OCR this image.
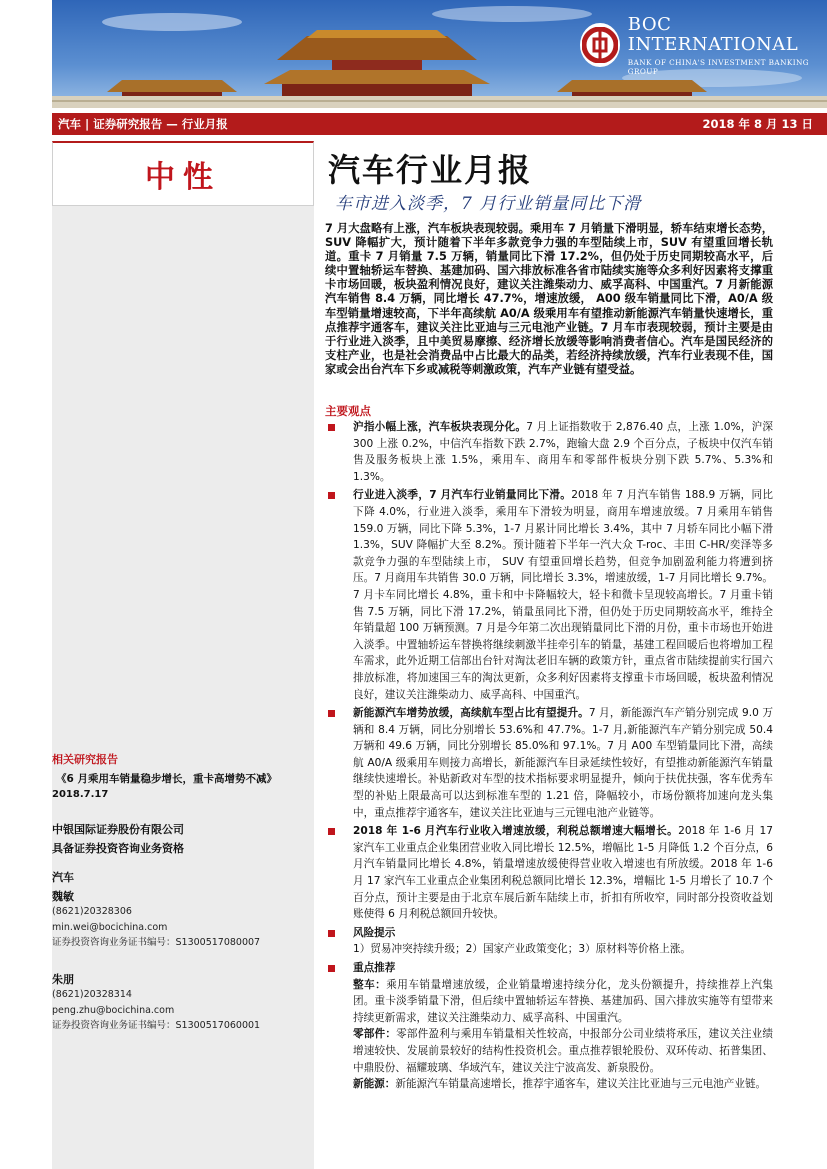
BOC INTERNATIONAL
BANK OF CHINA'S INVESTMENT BANKING GROUP
汽车 | 证券研究报告 — 行业月报	2018 年 8 月 13 日
中性
相关研究报告
《6 月乘用车销量稳步增长，重卡高增势不减》
2018.7.17
中银国际证券股份有限公司
具备证券投资咨询业务资格
汽车
魏敏
(8621)20328306
min.wei@bocichina.com
证券投资咨询业务证书编号：S1300517080007
朱朋
(8621)20328314
peng.zhu@bocichina.com
证券投资咨询业务证书编号：S1300517060001
汽车行业月报
车市进入淡季，7 月行业销量同比下滑
7 月大盘略有上涨，汽车板块表现较弱。乘用车 7 月销量下滑明显，轿车结束增长态势，SUV 降幅扩大，预计随着下半年多款竞争力强的车型陆续上市，SUV 有望重回增长轨道。重卡 7 月销量 7.5 万辆，销量同比下滑 17.2%，但仍处于历史同期较高水平，后续中置轴轿运车替换、基建加码、国六排放标准各省市陆续实施等众多利好因素将支撑重卡市场回暖，板块盈利情况良好，建议关注潍柴动力、威孚高科、中国重汽。7 月新能源汽车销售 8.4 万辆，同比增长 47.7%，增速放缓， A00 级车销量同比下滑，A0/A 级车型销量增速较高，下半年高续航 A0/A 级乘用车有望推动新能源汽车销量快速增长，重点推荐宇通客车，建议关注比亚迪与三元电池产业链。7 月车市表现较弱，预计主要是由于行业进入淡季，且中美贸易摩擦、经济增长放缓等影响消费者信心。汽车是国民经济的支柱产业，也是社会消费品中占比最大的品类，若经济持续放缓，汽车行业表现不佳，国家或会出台汽车下乡或减税等刺激政策，汽车产业链有望受益。
主要观点
沪指小幅上涨，汽车板块表现分化。7 月上证指数收于 2,876.40 点，上涨 1.0%，沪深 300 上涨 0.2%，中信汽车指数下跌 2.7%，跑输大盘 2.9 个百分点，子板块中仅汽车销售及服务板块上涨 1.5%，乘用车、商用车和零部件板块分别下跌 5.7%、5.3%和 1.3%。
行业进入淡季，7 月汽车行业销量同比下滑。2018 年 7 月汽车销售 188.9 万辆，同比下降 4.0%，行业进入淡季，乘用车下滑较为明显，商用车增速放缓。7 月乘用车销售 159.0 万辆，同比下降 5.3%，1-7 月累计同比增长 3.4%，其中 7 月轿车同比小幅下滑 1.3%，SUV 降幅扩大至 8.2%。预计随着下半年一汽大众 T-roc、丰田 C-HR/奕泽等多款竞争力强的车型陆续上市， SUV 有望重回增长趋势，但竞争加剧盈利能力将遭到挤压。7 月商用车共销售 30.0 万辆，同比增长 3.3%，增速放缓，1-7 月同比增长 9.7%。7 月卡车同比增长 4.8%，重卡和中卡降幅较大，轻卡和微卡呈现较高增长。7 月重卡销售 7.5 万辆，同比下滑 17.2%，销量虽同比下滑，但仍处于历史同期较高水平，维持全年销量超 100 万辆预测。7 月是今年第二次出现销量同比下滑的月份，重卡市场也开始进入淡季。中置轴轿运车替换将继续刺激半挂牵引车的销量，基建工程回暖后也将增加工程车需求，此外近期工信部出台针对淘汰老旧车辆的政策方针，重点省市陆续提前实行国六排放标准，将加速国三车的淘汰更新，众多利好因素将支撑重卡市场回暖，板块盈利情况良好，建议关注潍柴动力、威孚高科、中国重汽。
新能源汽车增势放缓，高续航车型占比有望提升。7 月，新能源汽车产销分别完成 9.0 万辆和 8.4 万辆，同比分别增长 53.6%和 47.7%。1-7 月,新能源汽车产销分别完成 50.4 万辆和 49.6 万辆，同比分别增长 85.0%和 97.1%。7 月 A00 车型销量同比下滑，高续航 A0/A 级乘用车则接力高增长，新能源汽车目录延续性较好，有望推动新能源汽车销量继续快速增长。补贴新政对车型的技术指标要求明显提升，倾向于扶优扶强，客车优秀车型的补贴上限最高可以达到标准车型的 1.21 倍，降幅较小，市场份额将加速向龙头集中，重点推荐宇通客车，建议关注比亚迪与三元锂电池产业链等。
2018 年 1-6 月汽车行业收入增速放缓，利税总额增速大幅增长。2018 年 1-6 月 17 家汽车工业重点企业集团营业收入同比增长 12.5%，增幅比 1-5 月降低 1.2 个百分点，6 月汽车销量同比增长 4.8%，销量增速放缓使得营业收入增速也有所放缓。2018 年 1-6 月 17 家汽车工业重点企业集团利税总额同比增长 12.3%，增幅比 1-5 月增长了 10.7 个百分点，预计主要是由于北京车展后新车陆续上市，折扣有所收窄，同时部分投资收益划账使得 6 月利税总额回升较快。
风险提示
1）贸易冲突持续升级；2）国家产业政策变化；3）原材料等价格上涨。
重点推荐
整车：乘用车销量增速放缓，企业销量增速持续分化，龙头份额提升，持续推荐上汽集团。重卡淡季销量下滑，但后续中置轴轿运车替换、基建加码、国六排放实施等有望带来持续更新需求，建议关注潍柴动力、威孚高科、中国重汽。
零部件：零部件盈利与乘用车销量相关性较高，中报部分公司业绩将承压，建议关注业绩增速较快、发展前景较好的结构性投资机会。重点推荐银轮股份、双环传动、拓普集团、中鼎股份、福耀玻璃、华域汽车，建议关注宁波高发、新泉股份。
新能源：新能源汽车销量高速增长，推荐宇通客车，建议关注比亚迪与三元电池产业链。
